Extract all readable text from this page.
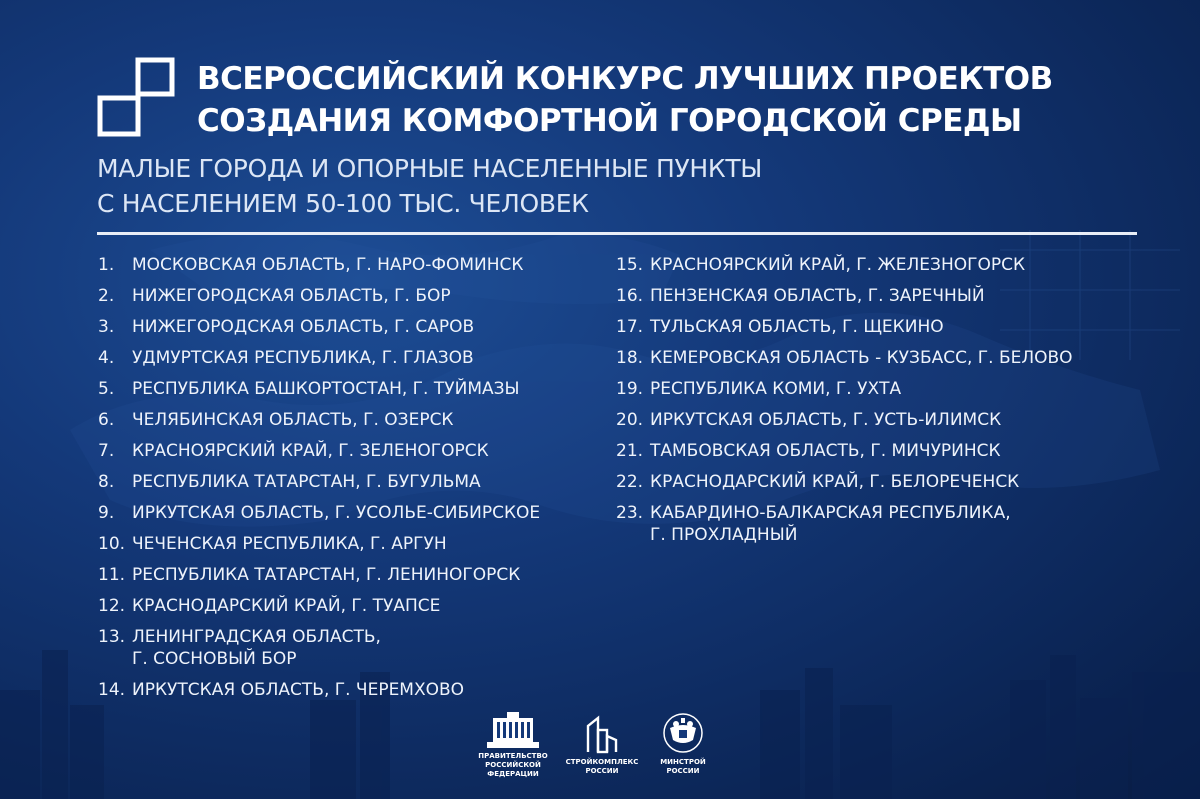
ВСЕРОССИЙСКИЙ КОНКУРС ЛУЧШИХ ПРОЕКТОВ
СОЗДАНИЯ КОМФОРТНОЙ ГОРОДСКОЙ СРЕДЫ
МАЛЫЕ ГОРОДА И ОПОРНЫЕ НАСЕЛЕННЫЕ ПУНКТЫ
С НАСЕЛЕНИЕМ 50-100 ТЫС. ЧЕЛОВЕК
1.	МОСКОВСКАЯ ОБЛАСТЬ, Г. НАРО-ФОМИНСК
2.	НИЖЕГОРОДСКАЯ ОБЛАСТЬ, Г. БОР
3.	НИЖЕГОРОДСКАЯ ОБЛАСТЬ, Г. САРОВ
4.	УДМУРТСКАЯ РЕСПУБЛИКА, Г. ГЛАЗОВ
5.	РЕСПУБЛИКА БАШКОРТОСТАН, Г. ТУЙМАЗЫ
6.	ЧЕЛЯБИНСКАЯ ОБЛАСТЬ, Г. ОЗЕРСК
7.	КРАСНОЯРСКИЙ КРАЙ, Г. ЗЕЛЕНОГОРСК
8.	РЕСПУБЛИКА ТАТАРСТАН, Г. БУГУЛЬМА
9.	ИРКУТСКАЯ ОБЛАСТЬ, Г. УСОЛЬЕ-СИБИРСКОЕ
10. ЧЕЧЕНСКАЯ РЕСПУБЛИКА, Г. АРГУН
11. РЕСПУБЛИКА ТАТАРСТАН, Г. ЛЕНИНОГОРСК
12. КРАСНОДАРСКИЙ КРАЙ, Г. ТУАПСЕ
13. ЛЕНИНГРАДСКАЯ ОБЛАСТЬ,
Г. СОСНОВЫЙ БОР
14. ИРКУТСКАЯ ОБЛАСТЬ, Г. ЧЕРЕМХОВО
15. КРАСНОЯРСКИЙ КРАЙ, Г. ЖЕЛЕЗНОГОРСК
16. ПЕНЗЕНСКАЯ ОБЛАСТЬ, Г. ЗАРЕЧНЫЙ
17. ТУЛЬСКАЯ ОБЛАСТЬ, Г. ЩЕКИНО
18. КЕМЕРОВСКАЯ ОБЛАСТЬ - КУЗБАСС, Г. БЕЛОВО
19. РЕСПУБЛИКА КОМИ, Г. УХТА
20. ИРКУТСКАЯ ОБЛАСТЬ, Г. УСТЬ-ИЛИМСК
21. ТАМБОВСКАЯ ОБЛАСТЬ, Г. МИЧУРИНСК
22. КРАСНОДАРСКИЙ КРАЙ, Г. БЕЛОРЕЧЕНСК
23. КАБАРДИНО-БАЛКАРСКАЯ РЕСПУБЛИКА,
Г. ПРОХЛАДНЫЙ
ПРАВИТЕЛЬСТВО
РОССИЙСКОЙ
ФЕДЕРАЦИИ
СТРОЙКОМПЛЕКС
РОССИИ
МИНСТРОЙ
РОССИИ
